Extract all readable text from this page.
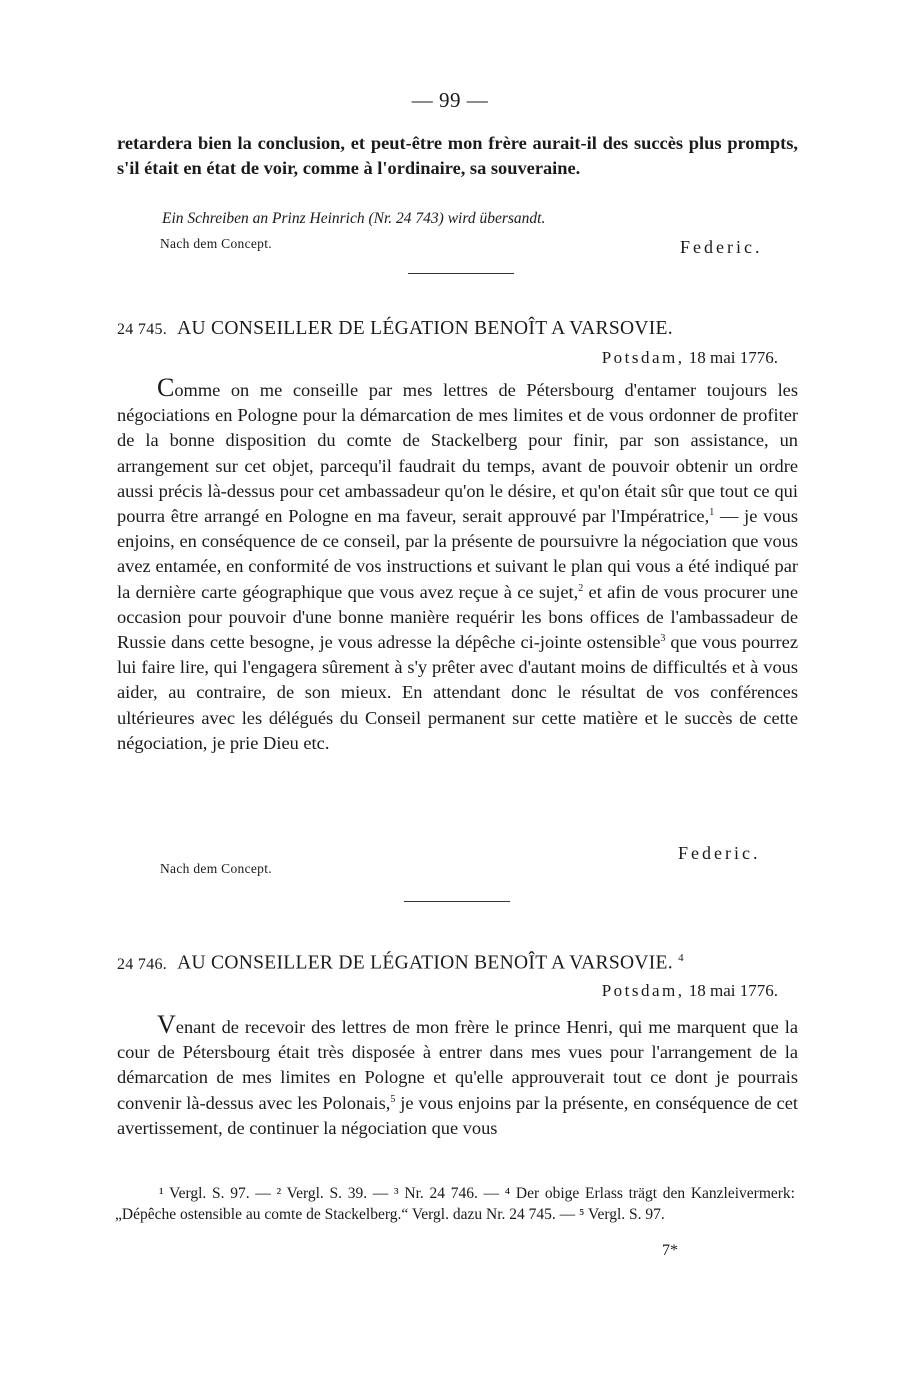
— 99 —
retardera bien la conclusion, et peut-être mon frère aurait-il des succès plus prompts, s'il était en état de voir, comme à l'ordinaire, sa souveraine.
Ein Schreiben an Prinz Heinrich (Nr. 24 743) wird übersandt.
Nach dem Concept.	Federic.
24 745. AU CONSEILLER DE LÉGATION BENOÎT A VARSOVIE.
Potsdam, 18 mai 1776.
Comme on me conseille par mes lettres de Pétersbourg d'entamer toujours les négociations en Pologne pour la démarcation de mes limites et de vous ordonner de profiter de la bonne disposition du comte de Stackelberg pour finir, par son assistance, un arrangement sur cet objet, parcequ'il faudrait du temps, avant de pouvoir obtenir un ordre aussi précis là-dessus pour cet ambassadeur qu'on le désire, et qu'on était sûr que tout ce qui pourra être arrangé en Pologne en ma faveur, serait approuvé par l'Impératrice,$^1$ — je vous enjoins, en conséquence de ce conseil, par la présente de poursuivre la négociation que vous avez entamée, en conformité de vos instructions et suivant le plan qui vous a été indiqué par la dernière carte géographique que vous avez reçue à ce sujet,$^2$ et afin de vous procurer une occasion pour pouvoir d'une bonne manière requérir les bons offices de l'ambassadeur de Russie dans cette besogne, je vous adresse la dépêche ci-jointe ostensible$^3$ que vous pourrez lui faire lire, qui l'engagera sûrement à s'y prêter avec d'autant moins de difficultés et à vous aider, au contraire, de son mieux. En attendant donc le résultat de vos conférences ultérieures avec les délégués du Conseil permanent sur cette matière et le succès de cette négociation, je prie Dieu etc.
Federic.
Nach dem Concept.
24 746. AU CONSEILLER DE LÉGATION BENOÎT A VARSOVIE. $^4$
Potsdam, 18 mai 1776.
Venant de recevoir des lettres de mon frère le prince Henri, qui me marquent que la cour de Pétersbourg était très disposée à entrer dans mes vues pour l'arrangement de la démarcation de mes limites en Pologne et qu'elle approuverait tout ce dont je pourrais convenir là-dessus avec les Polonais,$^5$ je vous enjoins par la présente, en conséquence de cet avertissement, de continuer la négociation que vous
¹ Vergl. S. 97. — ² Vergl. S. 39. — ³ Nr. 24 746. — ⁴ Der obige Erlass trägt den Kanzleivermerk: „Dépêche ostensible au comte de Stackelberg.“ Vergl. dazu Nr. 24 745. — ⁵ Vergl. S. 97.
7*
